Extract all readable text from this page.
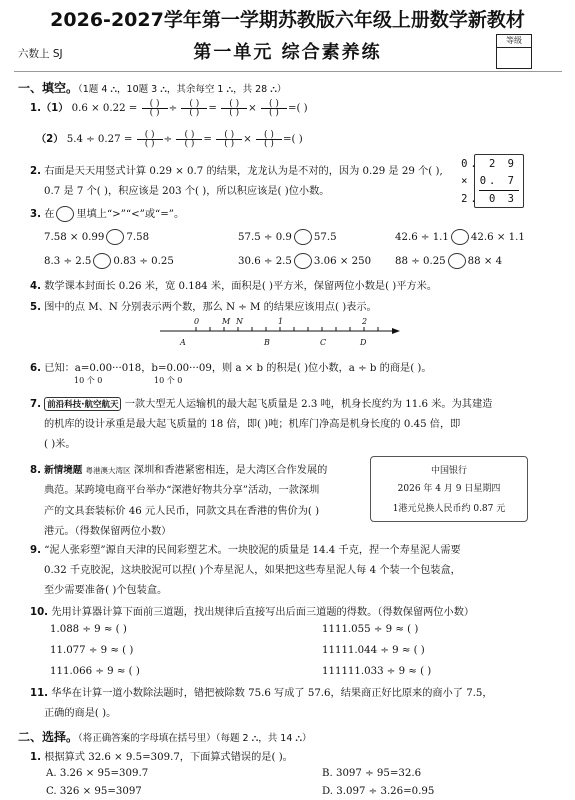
2026-2027学年第一学期苏教版六年级上册数学新教材
第一单元 综合素养练
六数上 SJ
等级
一、填空。（1题 4 ⛬，10题 3 ⛬，其余每空 1 ⛬，共 28 ⛬）
1.（1） $0.6 \times 0.22 = \frac{( )}{( )} \div \frac{( )}{( )} = \frac{( )}{( )} \times \frac{( )}{( )}$ =( )
（2） $5.4 \div 0.27 = \frac{( )}{( )} \div \frac{( )}{( )} = \frac{( )}{( )} \times \frac{( )}{( )}$ =( )
2. 右面是天天用竖式计算 0.29 × 0.7 的结果，龙龙认为是不对的，因为 0.29 是 29 个( ),
0.7 是 7 个( )，积应该是 203 个( )，所以积应该是( )位小数。
0. 2 9
× 0. 7
2. 0 3
3. 在 里填上“>”“<”或“=”。
7.58 × 0.99 7.58	57.5 ÷ 0.9 57.5	42.6 ÷ 1.1 42.6 × 1.1
8.3 ÷ 2.5 0.83 ÷ 0.25	30.6 ÷ 2.5 3.06 × 250 88 ÷ 0.25 88 × 4
4. 数学课本封面长 0.26 米，宽 0.184 米，面积是( )平方米，保留两位小数是( )平方米。
5. 图中的点 M、N 分别表示两个数，那么 N ÷ M 的结果应该用点( )表示。
0	M N	1	2
A	B	C	D
6. 已知：a=0.00···018，b=0.00···09，则 a × b 的积是( )位小数，a ÷ b 的商是( )。
10 个 0	10 个 0
7. 前沿科技·航空航天 一款大型无人运输机的最大起飞质量是 2.3 吨，机身长度约为 11.6 米。为其建造
的机库的设计承重是最大起飞质量的 18 倍，即( )吨；机库门净高是机身长度的 0.45 倍，即
( )米。
8. 新情境题 粤港澳大湾区 深圳和香港紧密相连，是大湾区合作发展的
典范。某跨境电商平台举办“深港好物共分享”活动，一款深圳
产的文具套装标价 46 元人民币，同款文具在香港的售价为( )
港元。（得数保留两位小数）
中国银行
2026 年 4 月 9 日星期四
1港元兑换人民币约 0.87 元
9. “泥人张彩塑”源自天津的民间彩塑艺术。一块胶泥的质量是 14.4 千克，捏一个寿星泥人需要
0.32 千克胶泥，这块胶泥可以捏( )个寿星泥人，如果把这些寿星泥人每 4 个装一个包装盒，
至少需要准备( )个包装盒。
10. 先用计算器计算下面前三道题，找出规律后直接写出后面三道题的得数。（得数保留两位小数）
1.088 ÷ 9 ≈ ( )	1111.055 ÷ 9 ≈ ( )
11.077 ÷ 9 ≈ ( )	11111.044 ÷ 9 ≈ ( )
111.066 ÷ 9 ≈ ( )	111111.033 ÷ 9 ≈ ( )
11. 华华在计算一道小数除法题时，错把被除数 75.6 写成了 57.6，结果商正好比原来的商小了 7.5，
正确的商是( )。
二、选择。（将正确答案的字母填在括号里）（每题 2 ⛬，共 14 ⛬）
1. 根据算式 32.6 × 9.5=309.7，下面算式错误的是( )。
A. 3.26 × 95=309.7	B. 3097 ÷ 95=32.6
C. 326 × 95=3097	D. 3.097 ÷ 3.26=0.95
